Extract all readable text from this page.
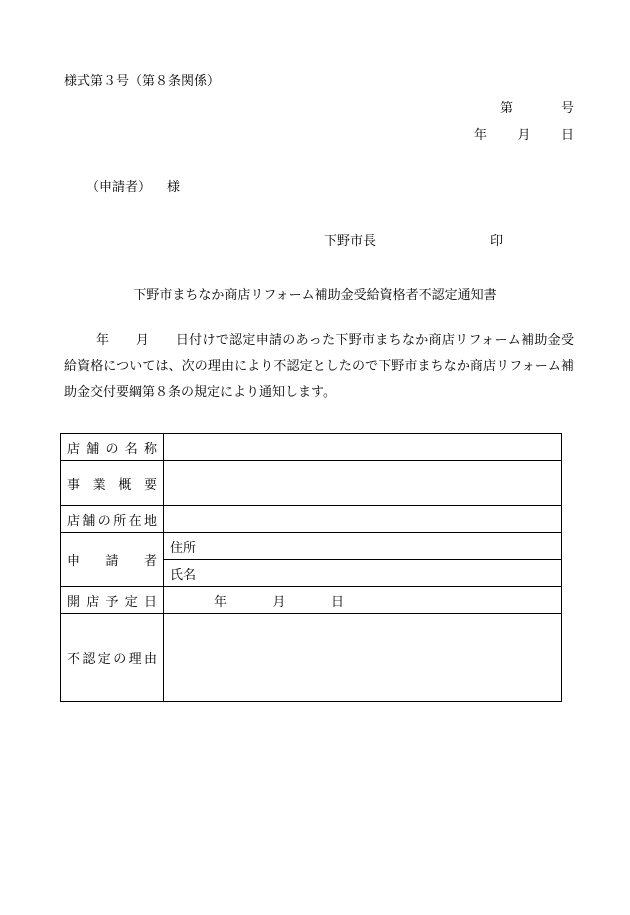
様式第３号（第８条関係）
第	号
年 月 日
（申請者） 様
下野市長	印
下野市まちなか商店リフォーム補助金受給資格者不認定通知書
年　　月　　日付けで認定申請のあった下野市まちなか商店リフォーム補助金受給資格については、次の理由により不認定としたので下野市まちなか商店リフォーム補助金交付要綱第８条の規定により通知します。
店舗の名称	
事業概要	
店舗の所在地	
申請者	住所
	氏名
開店予定日	年 月 日

不認定の理由	
